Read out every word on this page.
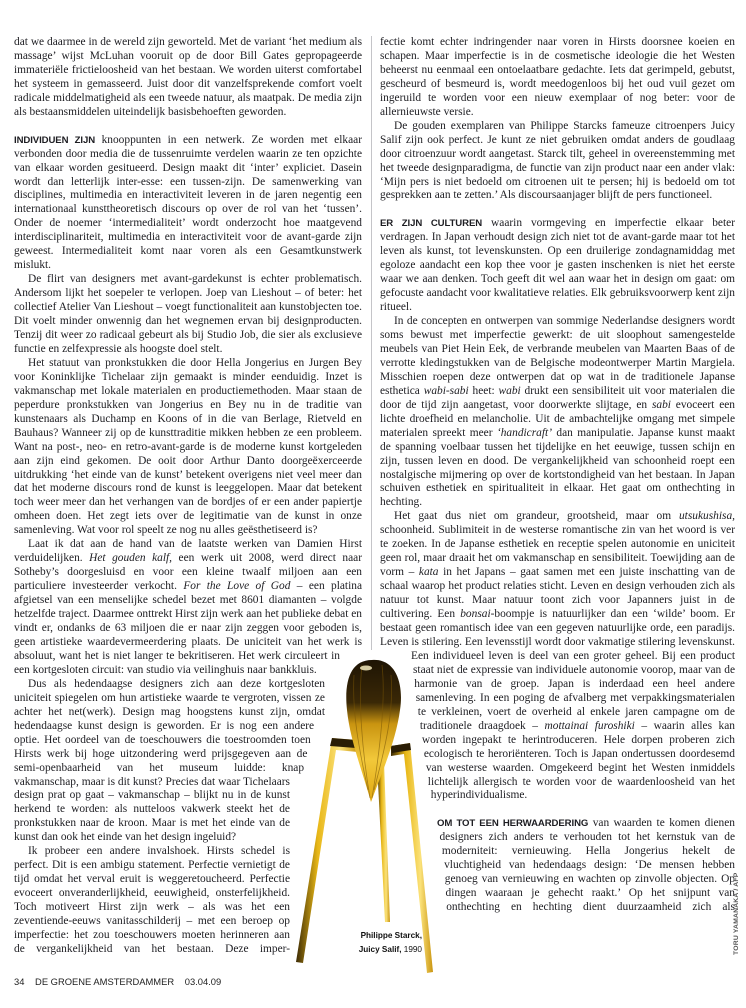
dat we daarmee in de wereld zijn geworteld. Met de variant ‘het medium als massage’ wijst McLuhan vooruit op de door Bill Gates gepropageerde immateriële frictieloosheid van het bestaan. We worden uiterst comfortabel het systeem in gemasseerd. Juist door dit vanzelfsprekende comfort voelt radicale middelmatigheid als een tweede natuur, als maatpak. De media zijn als bestaansmiddelen uiteindelijk basisbehoeften geworden.

INDIVIDUEN ZIJN knooppunten in een netwerk. Ze worden met elkaar verbonden door media die de tussenruimte verdelen waarin ze ten opzichte van elkaar worden gesitueerd. Design maakt dit ‘inter’ expliciet. Dasein wordt dan letterlijk inter-esse: een tussen-zijn. De samenwerking van disciplines, multimedia en interactiviteit leveren in de jaren negentig een internationaal kunsttheoretisch discours op over de rol van het ‘tussen’. Onder de noemer ‘intermedialiteit’ wordt onderzocht hoe maatgevend interdisciplinariteit, multimedia en interactiviteit voor de avant-garde zijn geweest. Intermedialiteit komt naar voren als een Gesamtkunstwerk mislukt.

De flirt van designers met avant-gardekunst is echter problematisch. Andersom lijkt het soepeler te verlopen. Joep van Lieshout – of beter: het collectief Atelier Van Lieshout – voegt functionaliteit aan kunstobjecten toe. Dit voelt minder onwennig dan het wegnemen ervan bij designproducten. Tenzij dit weer zo radicaal gebeurt als bij Studio Job, die sier als exclusieve functie en zelfexpressie als hoogste doel stelt.

Het statuut van pronkstukken die door Hella Jongerius en Jurgen Bey voor Koninklijke Tichelaar zijn gemaakt is minder eenduidig. Inzet is vakmanschap met lokale materialen en productiemethoden. Maar staan de peperdure pronkstukken van Jongerius en Bey nu in de traditie van kunstenaars als Duchamp en Koons of in die van Berlage, Rietveld en Bauhaus? Wanneer zij op de kunsttraditie mikken hebben ze een probleem. Want na post-, neo- en retro-avant-garde is de moderne kunst kortgeleden aan zijn eind gekomen. De ooit door Arthur Danto doorgeëxerceerde uitdrukking ‘het einde van de kunst’ betekent overigens niet veel meer dan dat het moderne discours rond de kunst is leeggelopen. Maar dat betekent toch weer meer dan het verhangen van de bordjes of er een ander papiertje omheen doen. Het zegt iets over de legitimatie van de kunst in onze samenleving. Wat voor rol speelt ze nog nu alles geësthetiseerd is?

Laat ik dat aan de hand van de laatste werken van Damien Hirst verduidelijken. Het gouden kalf, een werk uit 2008, werd direct naar Sotheby’s doorgesluisd en voor een kleine twaalf miljoen aan een particuliere investeerder verkocht. For the Love of God – een platina afgietsel van een menselijke schedel bezet met 8601 diamanten – volgde hetzelfde traject. Daarmee onttrekt Hirst zijn werk aan het publieke debat en vindt er, ondanks de 63 miljoen die er naar zijn zeggen voor geboden is, geen artistieke waardevermeerdering plaats. De uniciteit van het werk is absoluut, want het is niet langer te bekritiseren. Het werk circuleert in een kortgesloten circuit: van studio via veilinghuis naar bankkluis.

Dus als hedendaagse designers zich aan deze kortgesloten uniciteit spiegelen om hun artistieke waarde te vergroten, vissen ze achter het net(werk). Design mag hoogstens kunst zijn, omdat hedendaagse kunst design is geworden. Er is nog een andere optie. Het oordeel van de toeschouwers die toestroomden toen Hirsts werk bij hoge uitzondering werd prijsgegeven aan de semi-openbaarheid van het museum luidde: knap vakmanschap, maar is dit kunst? Precies dat waar Tichelaars design prat op gaat – vakmanschap – blijkt nu in de kunst herkend te worden: als nutteloos vakwerk steekt het de pronkstukken naar de kroon. Maar is met het einde van de kunst dan ook het einde van het design ingeluid?

Ik probeer een andere invalshoek. Hirsts schedel is perfect. Dit is een ambigu statement. Perfectie vernietigt de tijd omdat het verval eruit is weggeretoucheerd. Perfectie evoceert onveranderlijkheid, eeuwigheid, onsterfelijkheid. Toch motiveert Hirst zijn werk – als was het een zeventiende-eeuws vanitasschilderij – met een beroep op imperfectie: het zou toeschouwers moeten herinneren aan de vergankelijkheid van het bestaan. Deze imper-

fectie komt echter indringender naar voren in Hirsts doorsnee koeien en schapen. Maar imperfectie is in de cosmetische ideologie die het Westen beheerst nu eenmaal een ontoelaatbare gedachte. Iets dat gerimpeld, gebutst, gescheurd of besmeurd is, wordt meedogenloos bij het oud vuil gezet om ingeruild te worden voor een nieuw exemplaar of nog beter: voor de allernieuwste versie.

De gouden exemplaren van Philippe Starcks fameuze citroenpers Juicy Salif zijn ook perfect. Je kunt ze niet gebruiken omdat anders de goudlaag door citroenzuur wordt aangetast. Starck tilt, geheel in overeenstemming met het tweede designparadigma, de functie van zijn product naar een ander vlak: ‘Mijn pers is niet bedoeld om citroenen uit te persen; hij is bedoeld om tot gesprekken aan te zetten.’ Als discoursaanjager blijft de pers functioneel.

ER ZIJN CULTUREN waarin vormgeving en imperfectie elkaar beter verdragen. In Japan verhoudt design zich niet tot de avant-garde maar tot het leven als kunst, tot levenskunsten. Op een druilerige zondagnamiddag met egoloze aandacht een kop thee voor je gasten inschenken is niet het eerste waar we aan denken. Toch geeft dit wel aan waar het in design om gaat: om gefocuste aandacht voor kwalitatieve relaties. Elk gebruiksvoorwerp kent zijn ritueel.

In de concepten en ontwerpen van sommige Nederlandse designers wordt soms bewust met imperfectie gewerkt: de uit sloophout samengestelde meubels van Piet Hein Eek, de verbrande meubelen van Maarten Baas of de verrotte kledingstukken van de Belgische modeontwerper Martin Margiela. Misschien roepen deze ontwerpen dat op wat in de traditionele Japanse esthetica wabi-sabi heet: wabi drukt een sensibiliteit uit voor materialen die door de tijd zijn aangetast, voor doorwerkte slijtage, en sabi evoceert een lichte droefheid en melancholie. Uit de ambachtelijke omgang met simpele materialen spreekt meer ‘handicraft’ dan manipulatie. Japanse kunst maakt de spanning voelbaar tussen het tijdelijke en het eeuwige, tussen schijn en zijn, tussen leven en dood. De vergankelijkheid van schoonheid roept een nostalgische mijmering op over de kortstondigheid van het bestaan. In Japan schuiven esthetiek en spiritualiteit in elkaar. Het gaat om onthechting in hechting.

Het gaat dus niet om grandeur, grootsheid, maar om utsukushisa, schoonheid. Sublimiteit in de westerse romantische zin van het woord is ver te zoeken. In de Japanse esthetiek en receptie spelen autonomie en uniciteit geen rol, maar draait het om vakmanschap en sensibiliteit. Toewijding aan de vorm – kata in het Japans – gaat samen met een juiste inschatting van de schaal waarop het product relaties sticht. Leven en design verhouden zich als natuur tot kunst. Maar natuur toont zich voor Japanners juist in de cultivering. Een bonsai-boompje is natuurlijker dan een ‘wilde’ boom. Er bestaat geen romantisch idee van een gegeven natuurlijke orde, een paradijs. Leven is stilering. Een levensstijl wordt door vakmatige stilering levenskunst. Een individueel leven is deel van een groter geheel. Bij een product staat niet de expressie van individuele autonomie voorop, maar van de harmonie van de groep. Japan is inderdaad een heel andere samenleving. In een poging de afvalberg met verpakkingsmaterialen te verkleinen, voert de overheid al enkele jaren campagne om de traditionele draagdoek – mottainai furoshiki – waarin alles kan worden ingepakt te herintroduceren. Hele dorpen proberen zich ecologisch te heroriënteren. Toch is Japan ondertussen doordesemd van westerse waarden. Omgekeerd begint het Westen inmiddels lichtelijk allergisch te worden voor de waardenloosheid van het hyperindividualisme.

OM TOT EEN HERWAARDERING van waarden te komen dienen designers zich anders te verhouden tot het kernstuk van de moderniteit: vernieuwing. Hella Jongerius hekelt de vluchtigheid van hedendaags design: ‘De mensen hebben genoeg van vernieuwing en wachten op zinvolle objecten. Op dingen waaraan je gehecht raakt.’ Op het snijpunt van onthechting en hechting dient duurzaamheid zich als

Philippe Starck,
Juicy Salif, 1990	TORU YAMANAKA / AFP
34 DE GROENE AMSTERDAMMER 03.04.09
